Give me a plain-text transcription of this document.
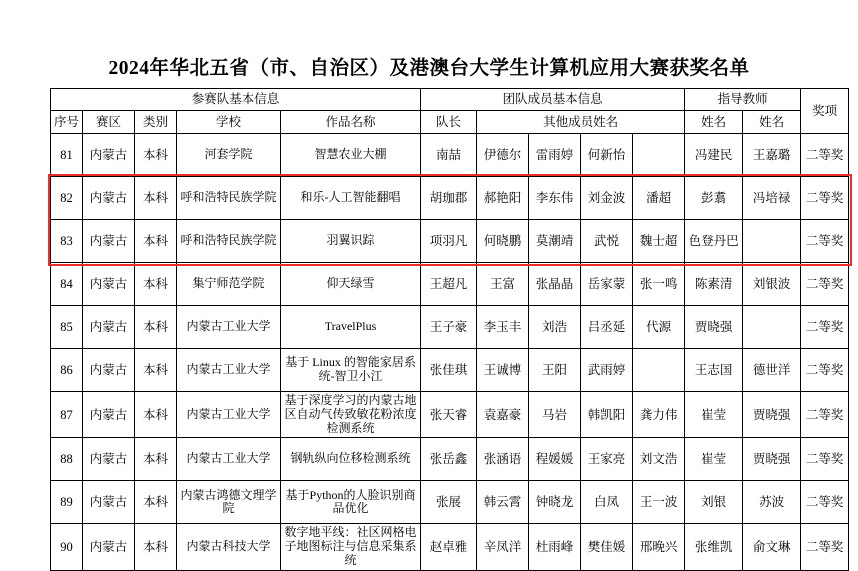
2024年华北五省（市、自治区）及港澳台大学生计算机应用大赛获奖名单
参赛队基本信息					团队成员基本信息					指导教师		奖项
序号	赛区	类别	学校	作品名称	队长	其他成员姓名				姓名	姓名	
81	内蒙古	本科	河套学院	智慧农业大棚	南喆	伊德尔	雷雨婷	何新怡		冯建民	王嘉璐	二等奖
82	内蒙古	本科	呼和浩特民族学院	和乐-人工智能翻唱	胡珈郡	郝艳阳	李东伟	刘金波	潘超	彭翥	冯培禄	二等奖
83	内蒙古	本科	呼和浩特民族学院	羽翼识踪	项羽凡	何晓鹏	莫潮靖	武悦	魏士超	色登丹巴		二等奖
84	内蒙古	本科	集宁师范学院	仰天绿雪	王超凡	王富	张晶晶	岳家蒙	张一鸣	陈素清	刘银波	二等奖
85	内蒙古	本科	内蒙古工业大学	TravelPlus	王子豪	李玉丰	刘浩	吕丞延	代源	贾晓强		二等奖
86	内蒙古	本科	内蒙古工业大学	基于 Linux 的智能家居系统-智卫小江	张佳琪	王诚博	王阳	武雨婷		王志国	德世洋	二等奖
87	内蒙古	本科	内蒙古工业大学	基于深度学习的内蒙古地区自动气传致敏花粉浓度检测系统	张天睿	袁嘉豪	马岩	韩凯阳	龚力伟	崔莹	贾晓强	二等奖
88	内蒙古	本科	内蒙古工业大学	钢轨纵向位移检测系统	张岳鑫	张涵语	程媛媛	王家亮	刘文浩	崔莹	贾晓强	二等奖
89	内蒙古	本科	内蒙古鸿德文理学院	基于Python的人脸识别商品优化	张展	韩云霄	钟晓龙	白凤	王一波	刘银	苏波	二等奖
90	内蒙古	本科	内蒙古科技大学	数字地平线：社区网格电子地图标注与信息采集系统	赵卓雅	辛凤洋	杜雨峰	樊佳媛	邢晚兴	张维凯	俞文琳	二等奖
